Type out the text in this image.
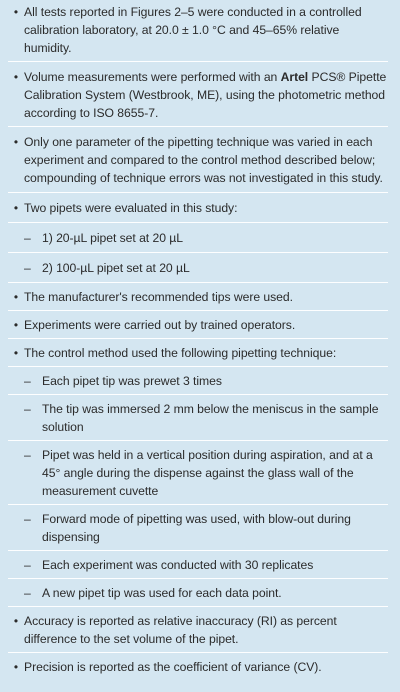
• All tests reported in Figures 2–5 were conducted in a controlled calibration laboratory, at 20.0 ± 1.0 °C and 45–65% relative humidity.
• Volume measurements were performed with an Artel PCS® Pipette Calibration System (Westbrook, ME), using the photometric method according to ISO 8655-7.
• Only one parameter of the pipetting technique was varied in each experiment and compared to the control method described below; compounding of technique errors was not investigated in this study.
• Two pipets were evaluated in this study:
– 1) 20-µL pipet set at 20 µL
– 2) 100-µL pipet set at 20 µL
• The manufacturer's recommended tips were used.
• Experiments were carried out by trained operators.
• The control method used the following pipetting technique:
– Each pipet tip was prewet 3 times
– The tip was immersed 2 mm below the meniscus in the sample solution
– Pipet was held in a vertical position during aspiration, and at a 45° angle during the dispense against the glass wall of the measurement cuvette
– Forward mode of pipetting was used, with blow-out during dispensing
– Each experiment was conducted with 30 replicates
– A new pipet tip was used for each data point.
• Accuracy is reported as relative inaccuracy (RI) as percent difference to the set volume of the pipet.
• Precision is reported as the coefficient of variance (CV).
